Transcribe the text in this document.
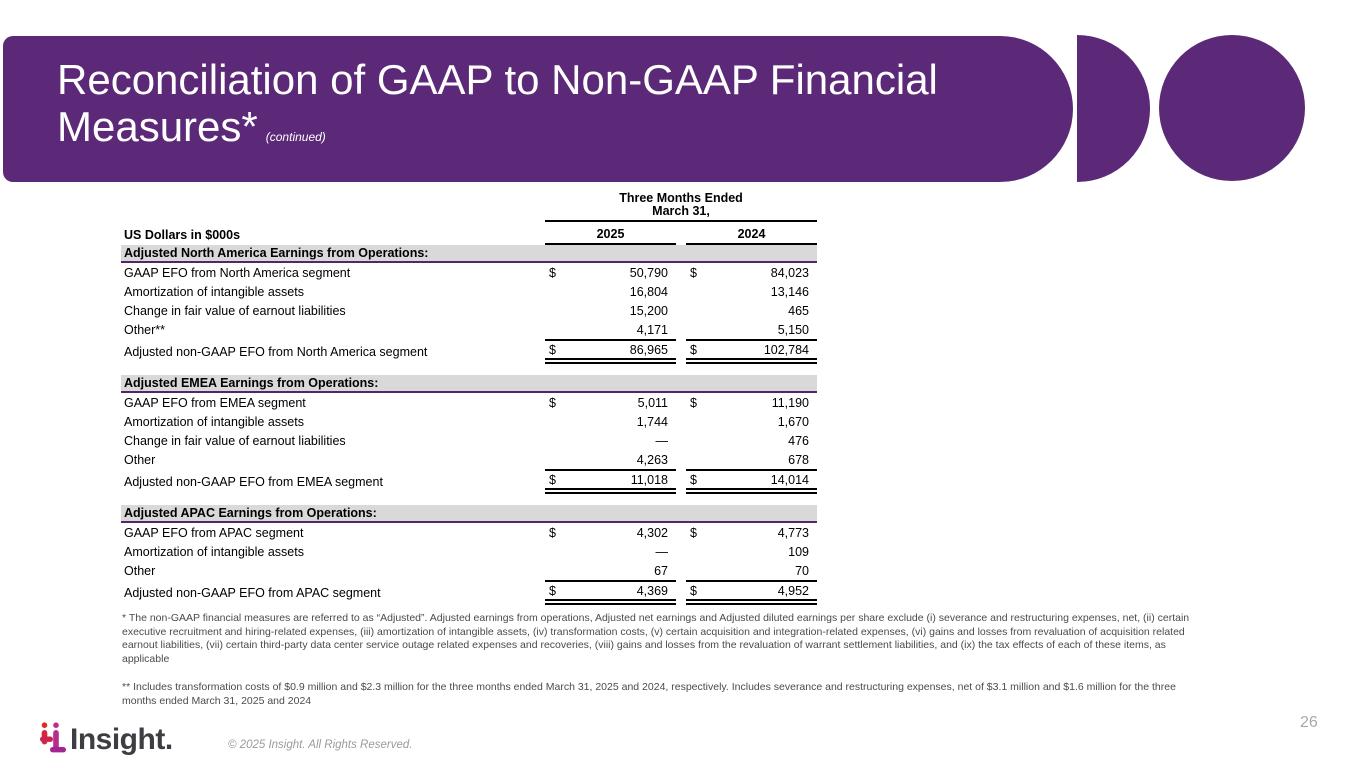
Reconciliation of GAAP to Non-GAAP Financial
Measures* (continued)
Three Months Ended
March 31,
US Dollars in $000s	2025	2024
Adjusted North America Earnings from Operations:
GAAP EFO from North America segment	$	50,790 $	84,023
Amortization of intangible assets	16,804	13,146
Change in fair value of earnout liabilities	15,200	465
Other**	4,171	5,150
Adjusted non-GAAP EFO from North America segment	$	86,965 $	102,784
Adjusted EMEA Earnings from Operations:
GAAP EFO from EMEA segment	$	5,011 $	11,190
Amortization of intangible assets	1,744	1,670
Change in fair value of earnout liabilities	—	476
Other	4,263	678
Adjusted non-GAAP EFO from EMEA segment	$	11,018 $	14,014
Adjusted APAC Earnings from Operations:
GAAP EFO from APAC segment	$	4,302 $	4,773
Amortization of intangible assets	—	109
Other	67	70
Adjusted non-GAAP EFO from APAC segment	$	4,369 $	4,952
* The non-GAAP financial measures are referred to as “Adjusted”. Adjusted earnings from operations, Adjusted net earnings and Adjusted diluted earnings per share exclude (i) severance and restructuring expenses, net, (ii) certain
executive recruitment and hiring-related expenses, (iii) amortization of intangible assets, (iv) transformation costs, (v) certain acquisition and integration-related expenses, (vi) gains and losses from revaluation of acquisition related
earnout liabilities, (vii) certain third-party data center service outage related expenses and recoveries, (viii) gains and losses from the revaluation of warrant settlement liabilities, and (ix) the tax effects of each of these items, as
applicable
** Includes transformation costs of $0.9 million and $2.3 million for the three months ended March 31, 2025 and 2024, respectively. Includes severance and restructuring expenses, net of $3.1 million and $1.6 million for the three
months ended March 31, 2025 and 2024
Insight.	© 2025 Insight. All Rights Reserved.
26
